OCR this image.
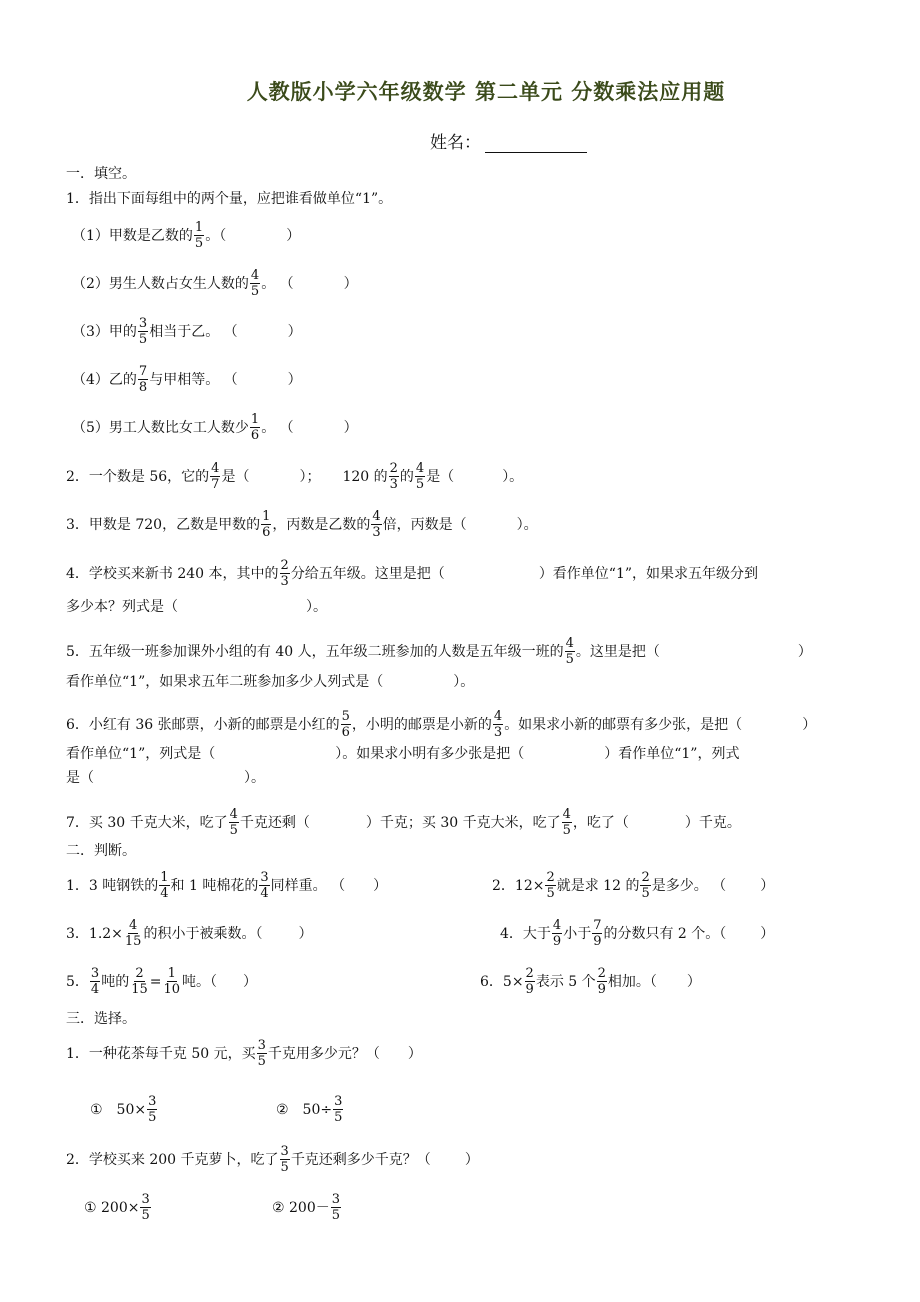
人教版小学六年级数学 第二单元 分数乘法应用题
姓名：
一．填空。
1．指出下面每组中的两个量，应把谁看做单位“1”。
（1）甲数是乙数的 $\frac{1}{5}$ 。（	）
（2）男生人数占女生人数的 $\frac{4}{5}$ 。 （	）
（3）甲的 $\frac{3}{5}$ 相当于乙。 （	）
（4）乙的 $\frac{7}{8}$ 与甲相等。 （	）
（5）男工人数比女工人数少 $\frac{1}{6}$ 。 （	）
2．一个数是 56，它的 $\frac{4}{7}$ 是（	）； 120 的 $\frac{2}{3}$ 的 $\frac{4}{5}$ 是（	）。
3．甲数是 720，乙数是甲数的 $\frac{1}{6}$ ，丙数是乙数的 $\frac{4}{3}$ 倍，丙数是（	）。
4．学校买来新书 240 本，其中的 $\frac{2}{3}$ 分给五年级。这里是把（	）看作单位“1”，如果求五年级分到
多少本？列式是（	）。
5．五年级一班参加课外小组的有 40 人，五年级二班参加的人数是五年级一班的 $\frac{4}{5}$ 。这里是把（	）
看作单位“1”，如果求五年二班参加多少人列式是（	）。
6．小红有 36 张邮票，小新的邮票是小红的 $\frac{5}{6}$ ，小明的邮票是小新的 $\frac{4}{3}$ 。如果求小新的邮票有多少张，是把（	）
看作单位“1”，列式是（	）。如果求小明有多少张是把（	）看作单位“1”，列式
是（	）。
7．买 30 千克大米，吃了 $\frac{4}{5}$ 千克还剩（	）千克；买 30 千克大米，吃了 $\frac{4}{5}$ ，吃了（	）千克。
二．判断。
1．3 吨钢铁的 $\frac{1}{4}$ 和 1 吨棉花的 $\frac{3}{4}$ 同样重。 （ ）	2．$12\times \frac{2}{5}$ 就是求 12 的 $\frac{2}{5}$ 是多少。 （ ）
3．$1.2\times \frac{4}{15}$ 的积小于被乘数。（	）	4．大于 $\frac{4}{9}$ 小于 $\frac{7}{9}$ 的分数只有 2 个。（ ）
5． $\frac{3}{4}$ 吨的 $\frac{2}{15} = \frac{1}{10}$ 吨。（ ）	6．$5\times \frac{2}{9}$ 表示 5 个 $\frac{2}{9}$ 相加。（ ）
三．选择。
1．一种花茶每千克 50 元，买 $\frac{3}{5}$ 千克用多少元？（ ）
①　$50\times \frac{3}{5}$	②　$50\div \frac{3}{5}$
2．学校买来 200 千克萝卜，吃了 $\frac{3}{5}$ 千克还剩多少千克？（ ）
① $200\times \frac{3}{5}$	② $200- \frac{3}{5}$
